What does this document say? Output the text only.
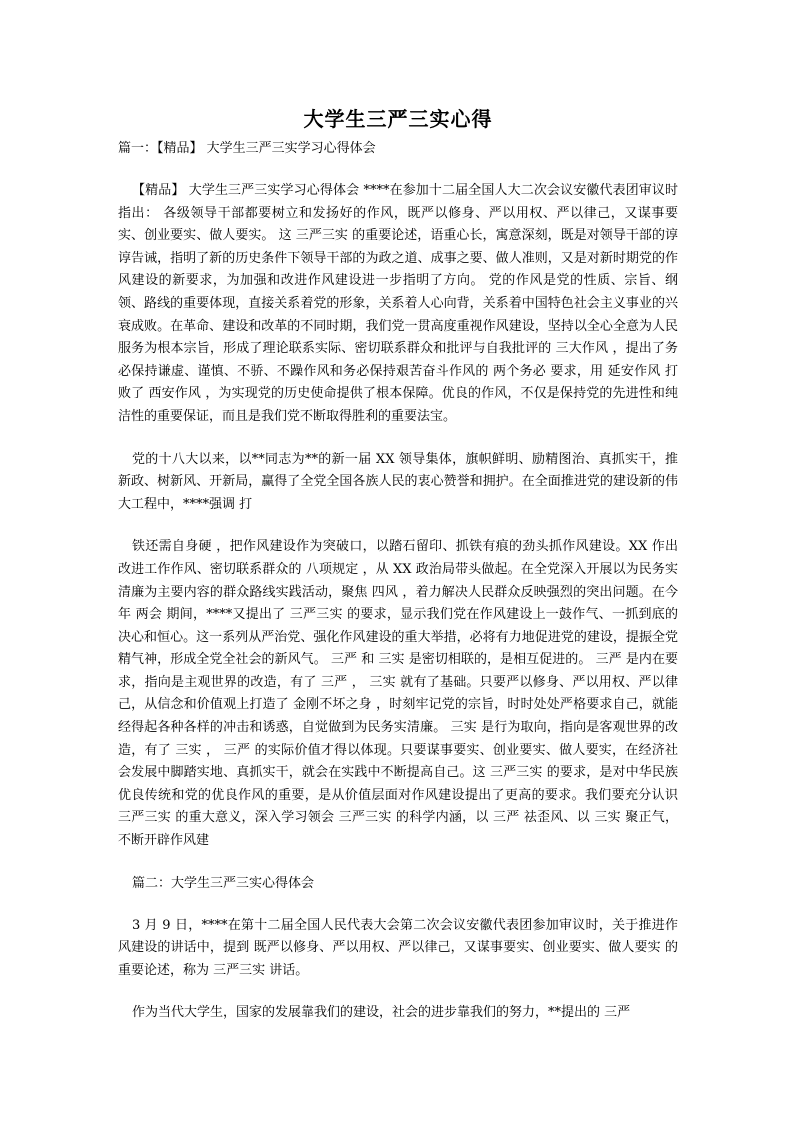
大学生三严三实心得
篇一：【精品】 大学生三严三实学习心得体会

【精品】 大学生三严三实学习心得体会 ****在参加十二届全国人大二次会议安徽代表团审议时指出： 各级领导干部都要树立和发扬好的作风，既严以修身、严以用权、严以律己，又谋事要实、创业要实、做人要实。 这 三严三实 的重要论述，语重心长，寓意深刻，既是对领导干部的谆谆告诫，指明了新的历史条件下领导干部的为政之道、成事之要、做人准则，又是对新时期党的作风建设的新要求，为加强和改进作风建设进一步指明了方向。 党的作风是党的性质、宗旨、纲领、路线的重要体现，直接关系着党的形象，关系着人心向背，关系着中国特色社会主义事业的兴衰成败。在革命、建设和改革的不同时期，我们党一贯高度重视作风建设，坚持以全心全意为人民服务为根本宗旨，形成了理论联系实际、密切联系群众和批评与自我批评的 三大作风 ，提出了务必保持谦虚、谨慎、不骄、不躁作风和务必保持艰苦奋斗作风的 两个务必 要求，用 延安作风 打败了 西安作风 ，为实现党的历史使命提供了根本保障。优良的作风，不仅是保持党的先进性和纯洁性的重要保证，而且是我们党不断取得胜利的重要法宝。

党的十八大以来，以**同志为**的新一届 XX 领导集体，旗帜鲜明、励精图治、真抓实干，推新政、树新风、开新局，赢得了全党全国各族人民的衷心赞誉和拥护。在全面推进党的建设新的伟大工程中，****强调 打

铁还需自身硬 ，把作风建设作为突破口，以踏石留印、抓铁有痕的劲头抓作风建设。XX 作出改进工作作风、密切联系群众的 八项规定 ，从 XX 政治局带头做起。在全党深入开展以为民务实清廉为主要内容的群众路线实践活动，聚焦 四风 ，着力解决人民群众反映强烈的突出问题。在今年 两会 期间，****又提出了 三严三实 的要求，显示我们党在作风建设上一鼓作气、一抓到底的决心和恒心。这一系列从严治党、强化作风建设的重大举措，必将有力地促进党的建设，提振全党精气神，形成全党全社会的新风气。 三严 和 三实 是密切相联的，是相互促进的。 三严 是内在要求，指向是主观世界的改造，有了 三严 ， 三实 就有了基础。只要严以修身、严以用权、严以律己，从信念和价值观上打造了 金刚不坏之身 ，时刻牢记党的宗旨，时时处处严格要求自己，就能经得起各种各样的冲击和诱惑，自觉做到为民务实清廉。 三实 是行为取向，指向是客观世界的改造，有了 三实 ， 三严 的实际价值才得以体现。只要谋事要实、创业要实、做人要实，在经济社会发展中脚踏实地、真抓实干，就会在实践中不断提高自己。这 三严三实 的要求，是对中华民族优良传统和党的优良作风的重要，是从价值层面对作风建设提出了更高的要求。我们要充分认识 三严三实 的重大意义，深入学习领会 三严三实 的科学内涵，以 三严 祛歪风、以 三实 聚正气，不断开辟作风建

篇二：大学生三严三实心得体会

3 月 9 日，****在第十二届全国人民代表大会第二次会议安徽代表团参加审议时，关于推进作风建设的讲话中，提到 既严以修身、严以用权、严以律己，又谋事要实、创业要实、做人要实 的重要论述，称为 三严三实 讲话。

作为当代大学生，国家的发展靠我们的建设，社会的进步靠我们的努力，**提出的 三严
